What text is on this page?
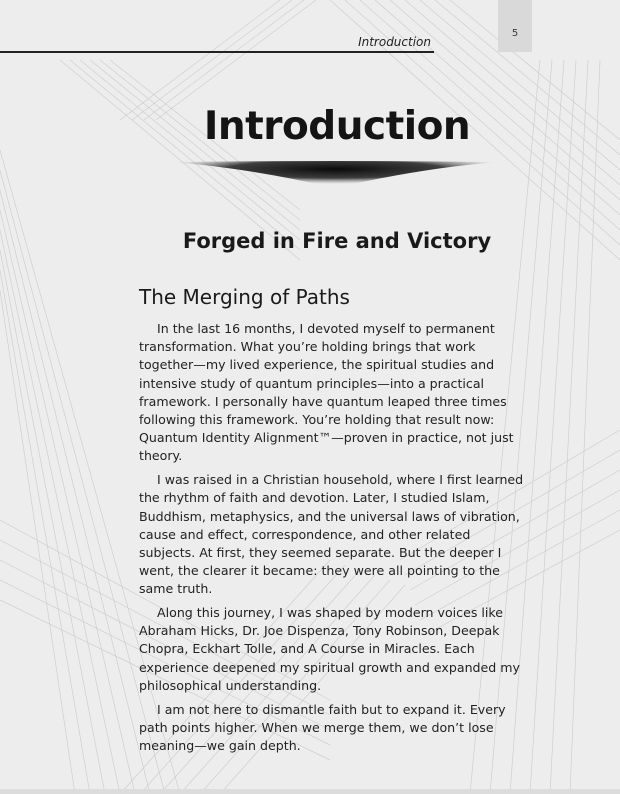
5
Introduction
Introduction
Forged in Fire and Victory
The Merging of Paths

In the last 16 months, I devoted myself to permanent transformation. What you’re holding brings that work together—my lived experience, the spiritual studies and intensive study of quantum principles—into a practical framework. I personally have quantum leaped three times following this framework. You’re holding that result now: Quantum Identity Alignment™—proven in practice, not just theory.

I was raised in a Christian household, where I first learned the rhythm of faith and devotion. Later, I studied Islam, Buddhism, metaphysics, and the universal laws of vibration, cause and effect, correspondence, and other related subjects. At first, they seemed separate. But the deeper I went, the clearer it became: they were all pointing to the same truth.

Along this journey, I was shaped by modern voices like Abraham Hicks, Dr. Joe Dispenza, Tony Robinson, Deepak Chopra, Eckhart Tolle, and A Course in Miracles. Each experience deepened my spiritual growth and expanded my philosophical understanding.

I am not here to dismantle faith but to expand it. Every path points higher. When we merge them, we don’t lose meaning—we gain depth.
